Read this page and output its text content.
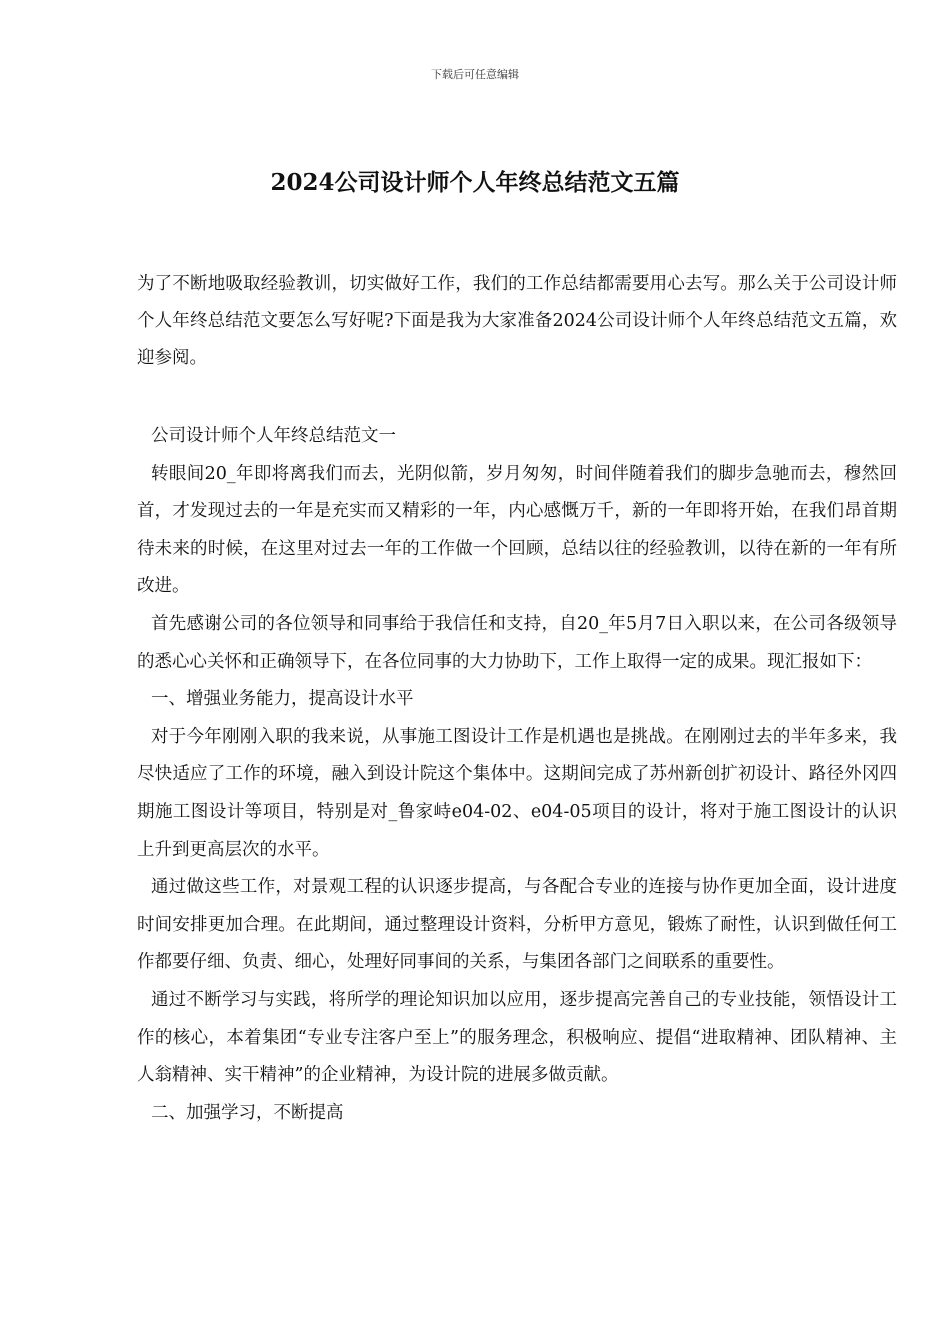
下载后可任意编辑
2024公司设计师个人年终总结范文五篇

为了不断地吸取经验教训，切实做好工作，我们的工作总结都需要用心去写。那么关于公司设计师个人年终总结范文要怎么写好呢?下面是我为大家准备2024公司设计师个人年终总结范文五篇，欢迎参阅。

公司设计师个人年终总结范文一

转眼间20_年即将离我们而去，光阴似箭，岁月匆匆，时间伴随着我们的脚步急驰而去，穆然回首，才发现过去的一年是充实而又精彩的一年，内心感慨万千，新的一年即将开始，在我们昂首期待未来的时候，在这里对过去一年的工作做一个回顾，总结以往的经验教训，以待在新的一年有所改进。

首先感谢公司的各位领导和同事给于我信任和支持，自20_年5月7日入职以来，在公司各级领导的悉心心关怀和正确领导下，在各位同事的大力协助下，工作上取得一定的成果。现汇报如下：

一、增强业务能力，提高设计水平

对于今年刚刚入职的我来说，从事施工图设计工作是机遇也是挑战。在刚刚过去的半年多来，我尽快适应了工作的环境，融入到设计院这个集体中。这期间完成了苏州新创扩初设计、路径外冈四期施工图设计等项目，特别是对_鲁家峙e04-02、e04-05项目的设计，将对于施工图设计的认识上升到更高层次的水平。

通过做这些工作，对景观工程的认识逐步提高，与各配合专业的连接与协作更加全面，设计进度时间安排更加合理。在此期间，通过整理设计资料，分析甲方意见，锻炼了耐性，认识到做任何工作都要仔细、负责、细心，处理好同事间的关系，与集团各部门之间联系的重要性。

通过不断学习与实践，将所学的理论知识加以应用，逐步提高完善自己的专业技能，领悟设计工作的核心，本着集团“专业专注客户至上”的服务理念，积极响应、提倡“进取精神、团队精神、主人翁精神、实干精神”的企业精神，为设计院的进展多做贡献。

二、加强学习，不断提高
